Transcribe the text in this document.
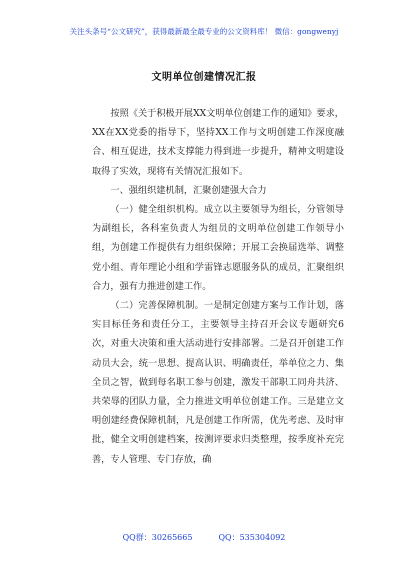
关注头条号“公文研究”，获得最新最全最专业的公文资料库！ 微信：gongwenyj
文明单位创建情况汇报

按照《关于积极开展XX文明单位创建工作的通知》要求，XX在XX党委的指导下，坚持XX工作与文明创建工作深度融合、相互促进，技术支撑能力得到进一步提升，精神文明建设取得了实效，现将有关情况汇报如下。

一、强组织建机制，汇聚创建强大合力

（一）健全组织机构。成立以主要领导为组长，分管领导为副组长，各科室负责人为组员的文明单位创建工作领导小组，为创建工作提供有力组织保障；开展工会换届选举、调整党小组、青年理论小组和学雷锋志愿服务队的成员，汇聚组织合力，强有力推进创建工作。

（二）完善保障机制。一是制定创建方案与工作计划，落实目标任务和责任分工，主要领导主持召开会议专题研究6次，对重大决策和重大活动进行安排部署。二是召开创建工作动员大会，统一思想、提高认识、明确责任，举单位之力、集全员之智，做到每名职工参与创建，激发干部职工同舟共济、共荣辱的团队力量，全力推进文明单位创建工作。三是建立文明创建经费保障机制，凡是创建工作所需，优先考虑、及时审批，健全文明创建档案，按测评要求归类整理，按季度补充完善，专人管理、专门存放，确

QQ群：30265665	QQ：535304092
